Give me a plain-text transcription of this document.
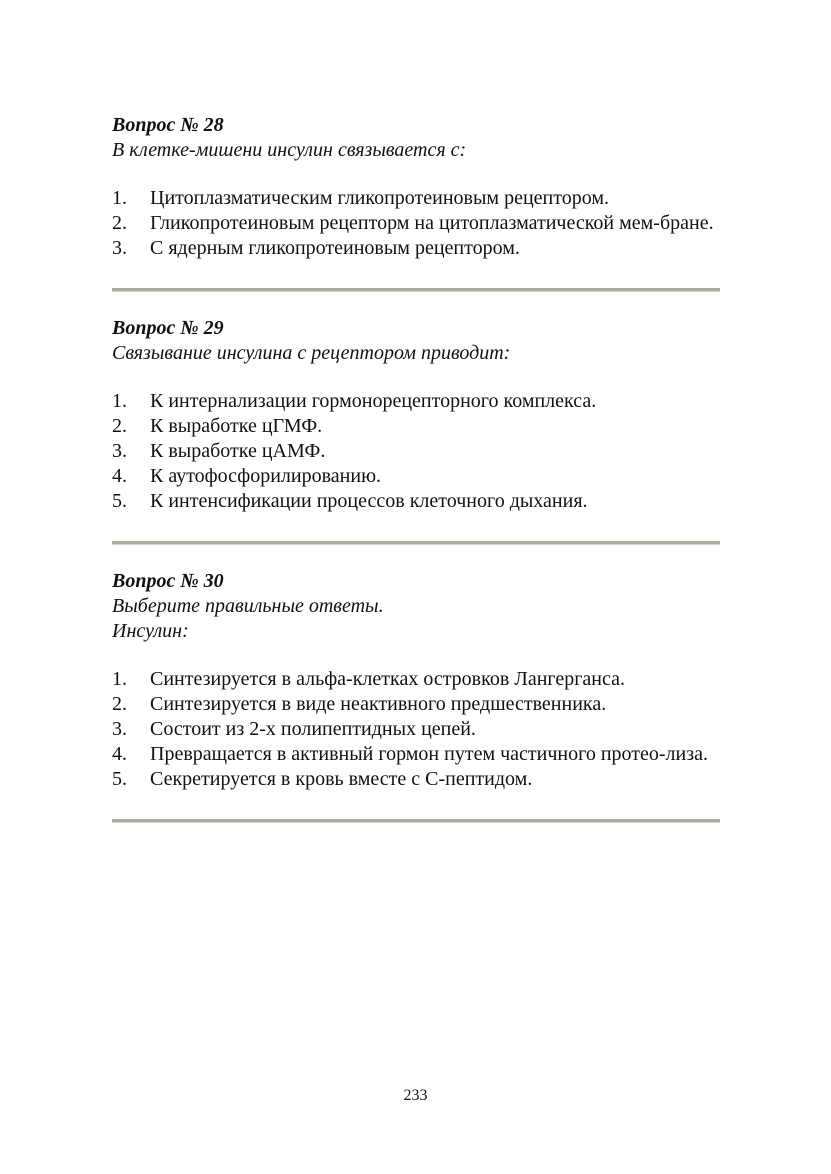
Вопрос № 28

В клетке-мишени инсулин связывается с:

1.	Цитоплазматическим гликопротеиновым рецептором.
2.	Гликопротеиновым рецепторм на цитоплазматической мем-бране.
3.	С ядерным гликопротеиновым рецептором.

Вопрос № 29

Связывание инсулина с рецептором приводит:

1.	К интернализации гормонорецепторного комплекса.
2.	К выработке цГМФ.
3.	К выработке цАМФ.
4.	К аутофосфорилированию.
5.	К интенсификации процессов клеточного дыхания.

Вопрос № 30

Выберите правильные ответы.

Инсулин:

1.	Синтезируется в альфа-клетках островков Лангерганса.
2.	Синтезируется в виде неактивного предшественника.
3.	Состоит из 2-х полипептидных цепей.
4.	Превращается в активный гормон путем частичного протео-лиза.
5.	Секретируется в кровь вместе с С-пептидом.
233
